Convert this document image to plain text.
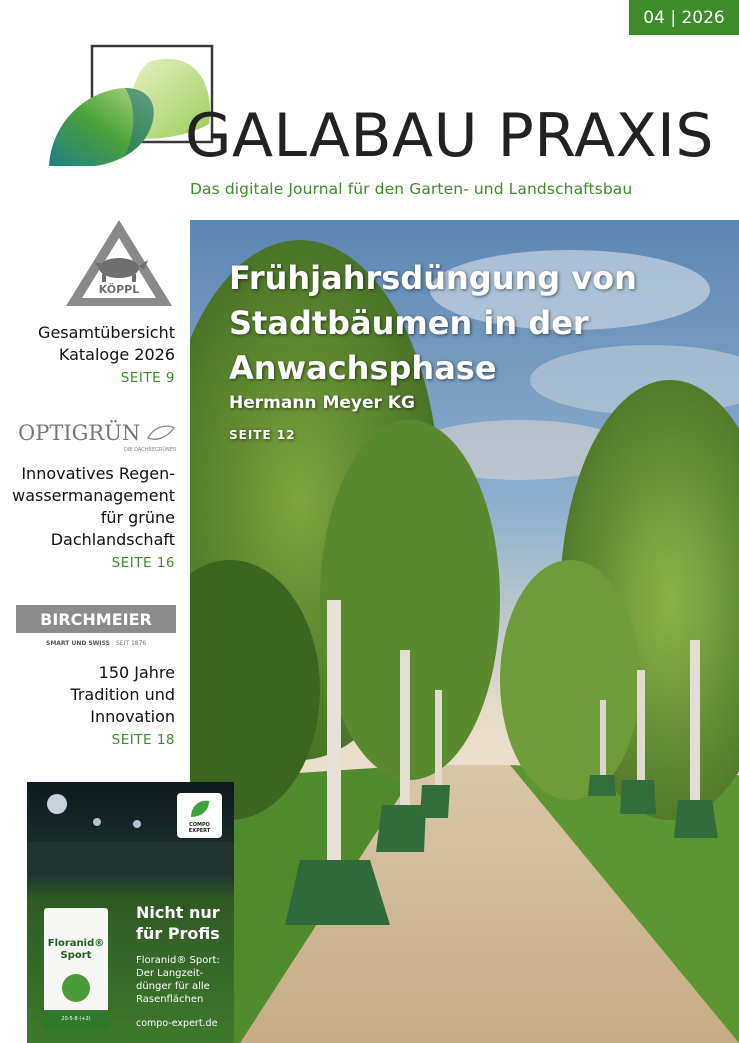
04 | 2026
GALABAU PRAXIS
Das digitale Journal für den Garten- und Landschaftsbau
KÖPPL
Gesamtübersicht
Kataloge 2026
SEITE 9
OPTIGRÜN
DIE DACHBEGRÜNER
Innovatives Regen-
wassermanagement
für grüne
Dachlandschaft
SEITE 16
BIRCHMEIER
SMART UND SWISS SEIT 1876
150 Jahre
Tradition und
Innovation
SEITE 18
Frühjahrsdüngung von Stadtbäumen in der Anwachsphase
Hermann Meyer KG
SEITE 12
COMPO
EXPERT
Floranid®
Sport
20-5-8 (+2)
Nicht nur
für Profis
Floranid® Sport:
Der Langzeit-
dünger für alle
Rasenflächen
compo-expert.de
